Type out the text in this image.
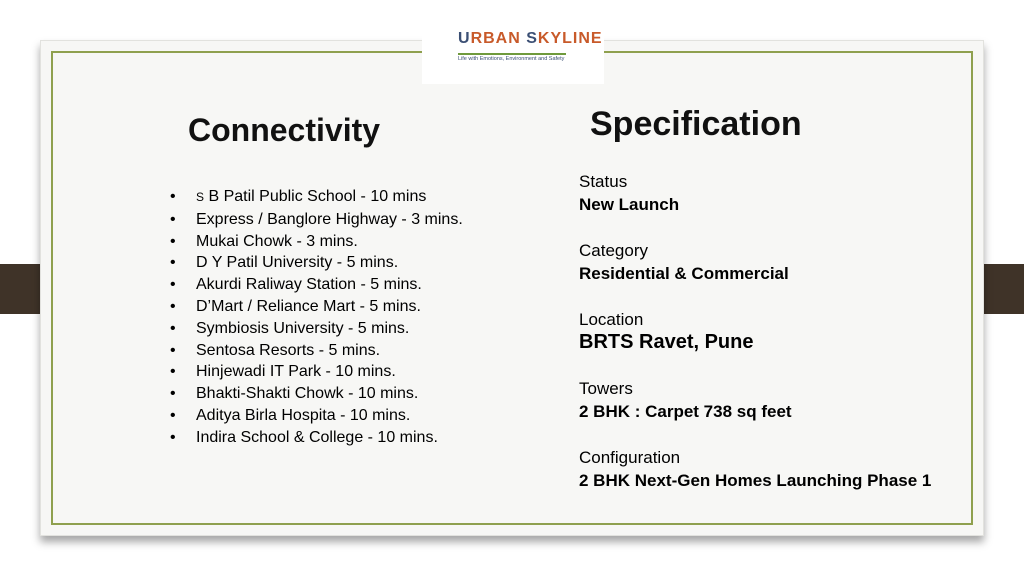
URBAN SKYLINE
Life with Emotions, Environment and Safety
Connectivity
• S B Patil Public School - 10 mins
• Express / Banglore Highway - 3 mins.
• Mukai Chowk - 3 mins.
• D Y Patil University - 5 mins.
• Akurdi Raliway Station - 5 mins.
• D’Mart / Reliance Mart - 5 mins.
• Symbiosis University - 5 mins.
• Sentosa Resorts - 5 mins.
• Hinjewadi IT Park - 10 mins.
• Bhakti-Shakti Chowk - 10 mins.
• Aditya Birla Hospita - 10 mins.
• Indira School & College - 10 mins.
Specification
Status
New Launch
Category
Residential & Commercial
Location
BRTS Ravet, Pune
Towers
2 BHK : Carpet 738 sq feet
Configuration
2 BHK Next-Gen Homes Launching Phase 1
